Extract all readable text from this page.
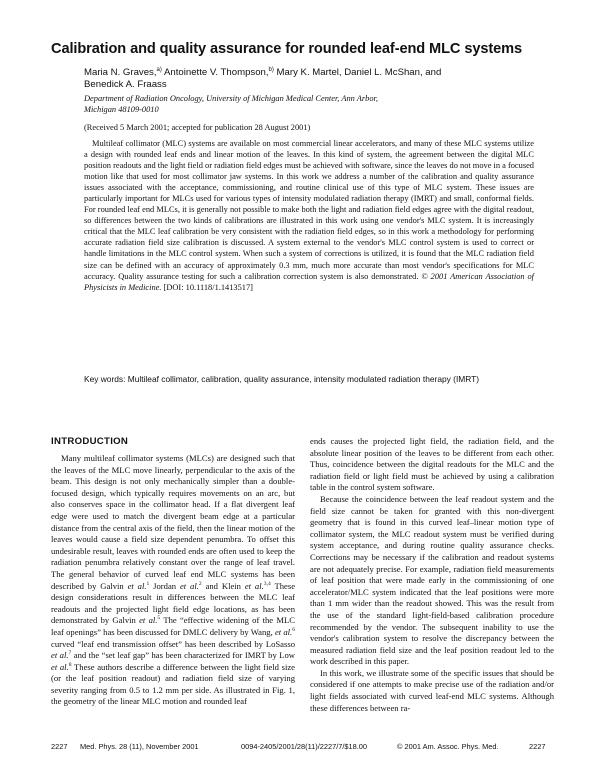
Calibration and quality assurance for rounded leaf-end MLC systems
Maria N. Graves,$^{a)}$ Antoinette V. Thompson,$^{b)}$ Mary K. Martel, Daniel L. McShan, and
Benedick A. Fraass
Department of Radiation Oncology, University of Michigan Medical Center, Ann Arbor, Michigan 48109-0010
(Received 5 March 2001; accepted for publication 28 August 2001)
Multileaf collimator (MLC) systems are available on most commercial linear accelerators, and many of these MLC systems utilize a design with rounded leaf ends and linear motion of the leaves. In this kind of system, the agreement between the digital MLC position readouts and the light field or radiation field edges must be achieved with software, since the leaves do not move in a focused motion like that used for most collimator jaw systems. In this work we address a number of the calibration and quality assurance issues associated with the acceptance, commissioning, and routine clinical use of this type of MLC system. These issues are particularly important for MLCs used for various types of intensity modulated radiation therapy (IMRT) and small, conformal fields. For rounded leaf end MLCs, it is generally not possible to make both the light and radiation field edges agree with the digital readout, so differences between the two kinds of calibrations are illustrated in this work using one vendor's MLC system. It is increasingly critical that the MLC leaf calibration be very consistent with the radiation field edges, so in this work a methodology for performing accurate radiation field size calibration is discussed. A system external to the vendor's MLC control system is used to correct or handle limitations in the MLC control system. When such a system of corrections is utilized, it is found that the MLC radiation field size can be defined with an accuracy of approximately 0.3 mm, much more accurate than most vendor's specifications for MLC accuracy. Quality assurance testing for such a calibration correction system is also demonstrated. © 2001 American Association of Physicists in Medicine. [DOI: 10.1118/1.1413517]
Key words: Multileaf collimator, calibration, quality assurance, intensity modulated radiation therapy (IMRT)
INTRODUCTION

Many multileaf collimator systems (MLCs) are designed such that the leaves of the MLC move linearly, perpendicular to the axis of the beam. This design is not only mechanically simpler than a double-focused design, which typically requires movements on an arc, but also conserves space in the collimator head. If a flat divergent leaf edge were used to match the divergent beam edge at a particular distance from the central axis of the field, then the linear motion of the leaves would cause a field size dependent penumbra. To offset this undesirable result, leaves with rounded ends are often used to keep the radiation penumbra relatively constant over the range of leaf travel. The general behavior of curved leaf end MLC systems has been described by Galvin et al.$^1$ Jordan et al.$^2$ and Klein et al.$^{3,4}$ These design considerations result in differences between the MLC leaf readouts and the projected light field edge locations, as has been demonstrated by Galvin et al.$^5$ The “effective widening of the MLC leaf openings” has been discussed for DMLC delivery by Wang, et al.$^6$ curved “leaf end transmission offset” has been described by LoSasso et al.$^7$ and the “set leaf gap” has been characterized for IMRT by Low et al.$^8$ These authors describe a difference between the light field size (or the leaf position readout) and radiation field size of varying severity ranging from 0.5 to 1.2 mm per side. As illustrated in Fig. 1, the geometry of the linear MLC motion and rounded leaf

ends causes the projected light field, the radiation field, and the absolute linear position of the leaves to be different from each other. Thus, coincidence between the digital readouts for the MLC and the radiation field or light field must be achieved by using a calibration table in the control system software.

Because the coincidence between the leaf readout system and the field size cannot be taken for granted with this non-divergent geometry that is found in this curved leaf–linear motion type of collimator system, the MLC readout system must be verified during system acceptance, and during routine quality assurance checks. Corrections may be necessary if the calibration and readout systems are not adequately precise. For example, radiation field measurements of leaf position that were made early in the commissioning of one accelerator/MLC system indicated that the leaf positions were more than 1 mm wider than the readout showed. This was the result from the use of the standard light-field-based calibration procedure recommended by the vendor. The subsequent inability to use the vendor's calibration system to resolve the discrepancy between the measured radiation field size and the leaf position readout led to the work described in this paper.

In this work, we illustrate some of the specific issues that should be considered if one attempts to make precise use of the radiation and/or light fields associated with curved leaf-end MLC systems. Although these differences between ra-

2227 Med. Phys. 28 (11), November 2001	0094-2405/2001/28(11)/2227/7/$18.00	© 2001 Am. Assoc. Phys. Med.	2227
